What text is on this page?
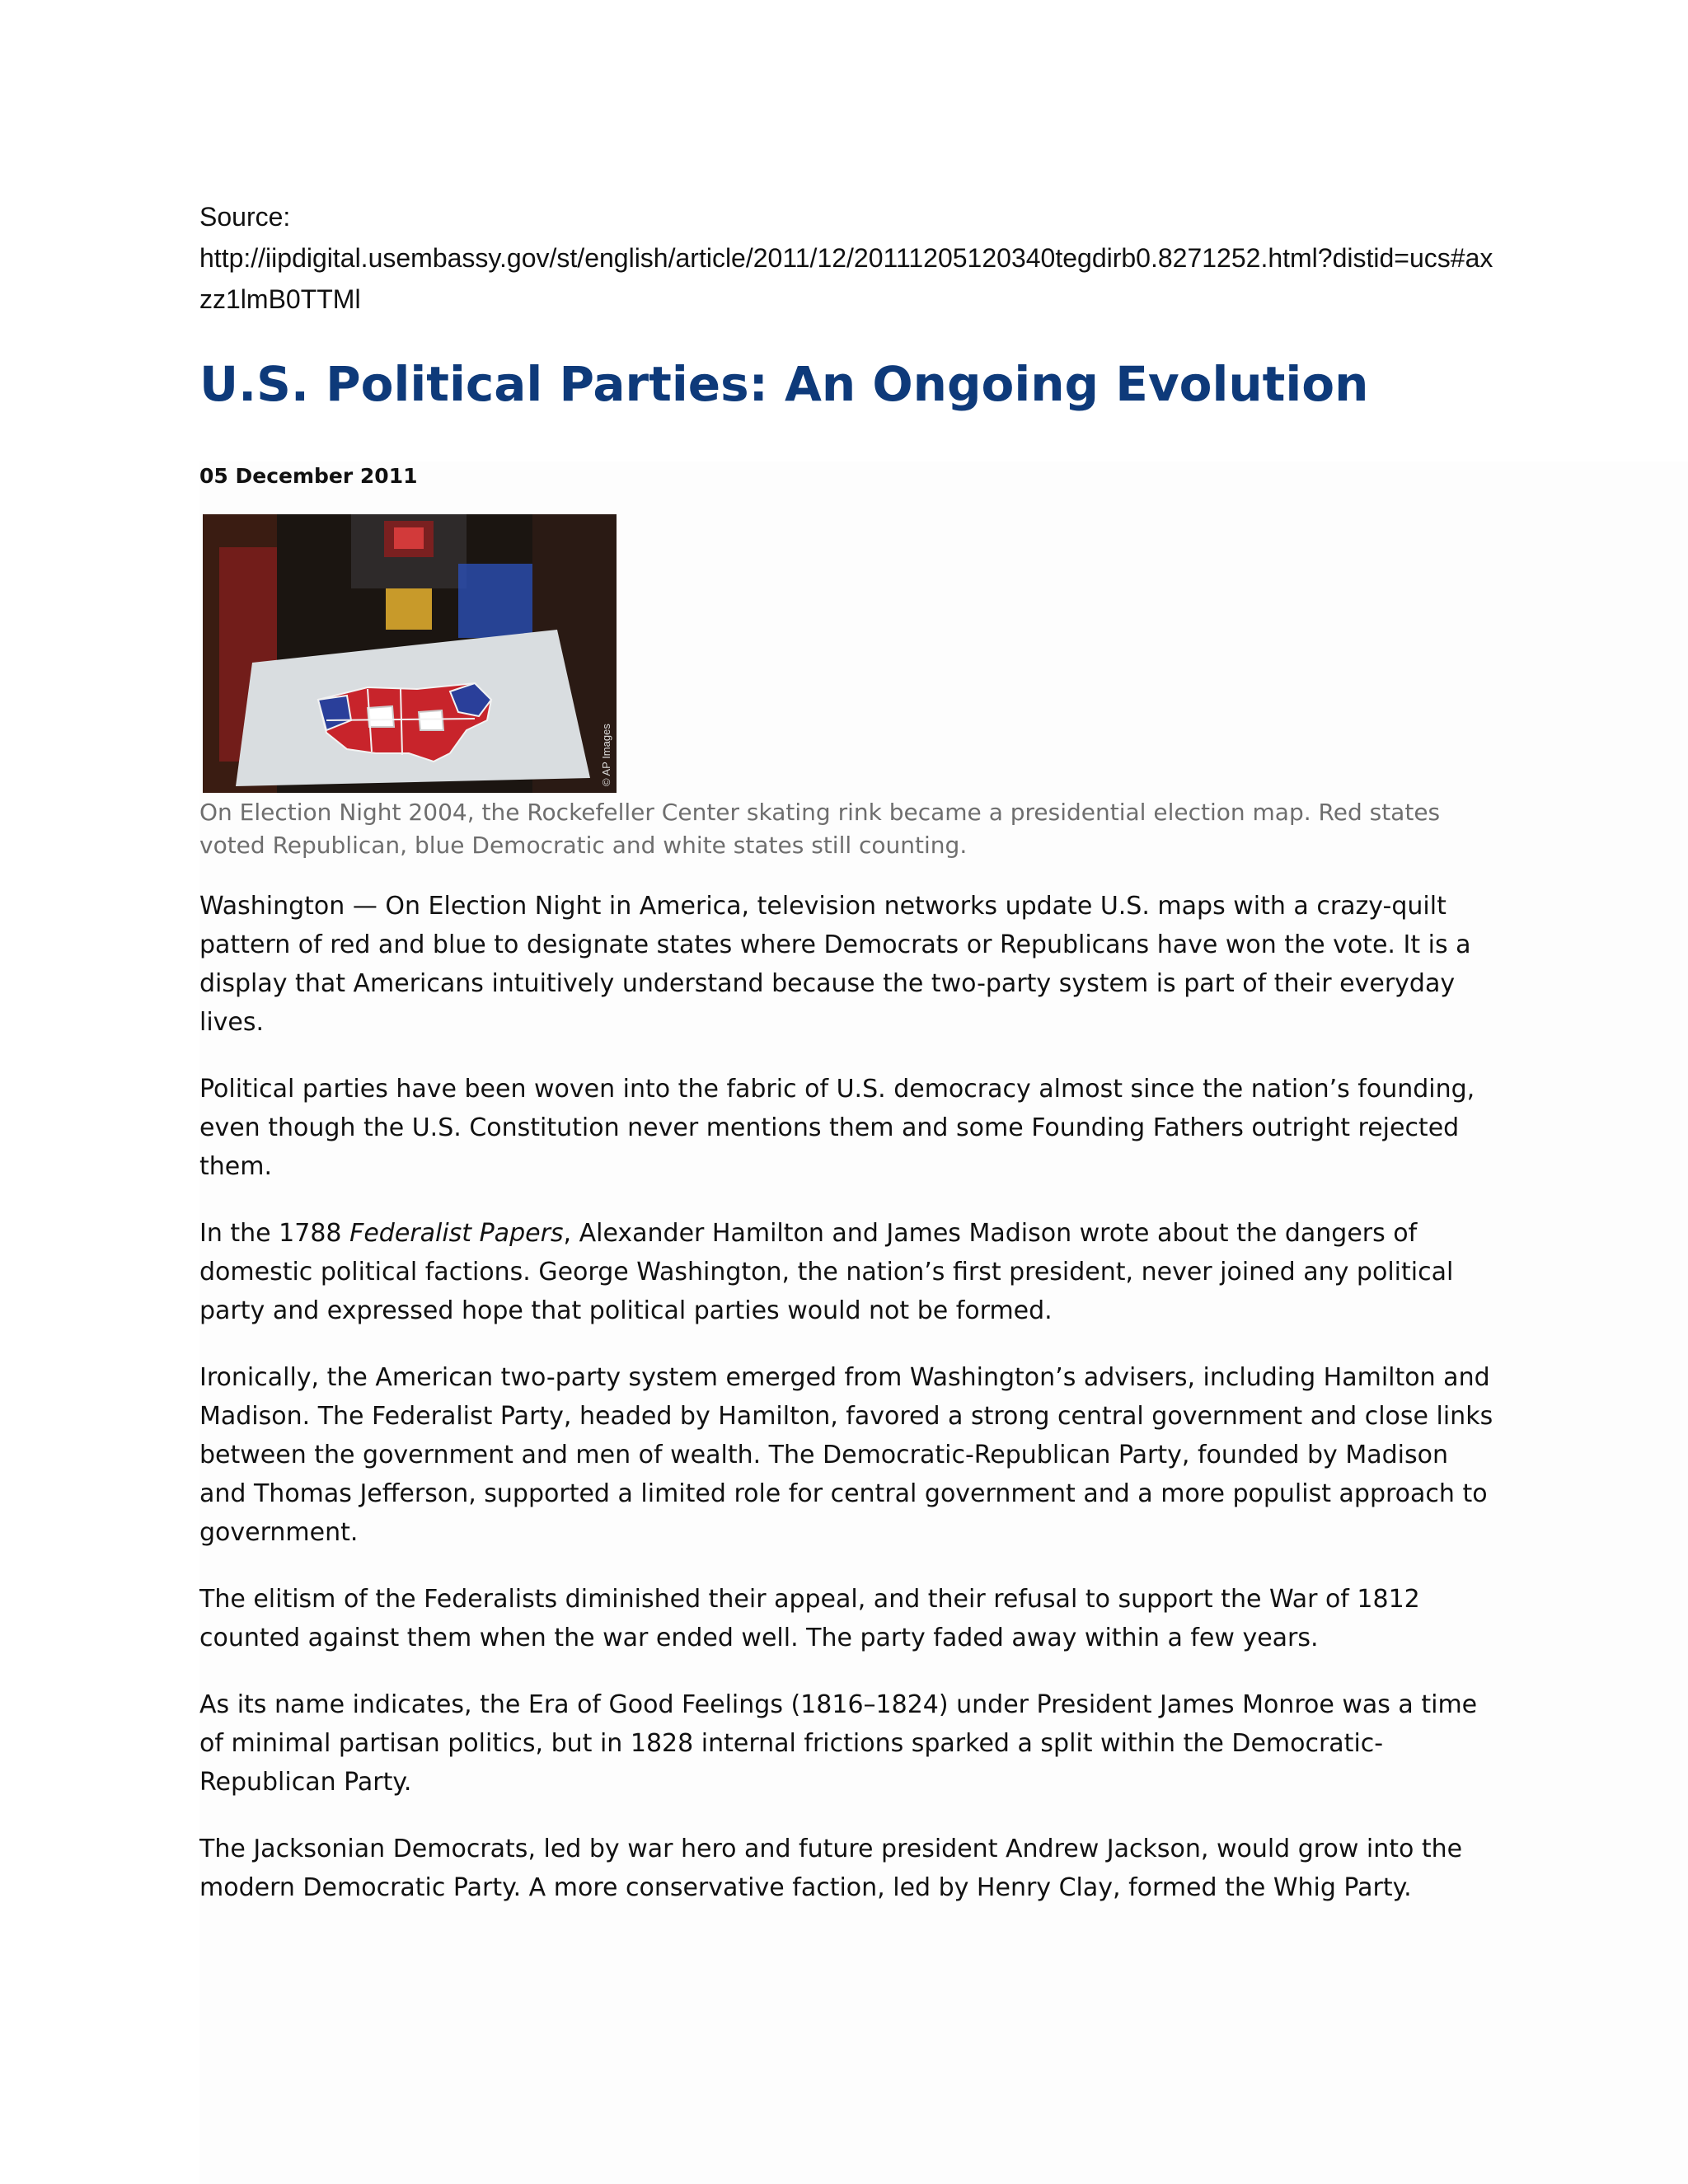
Source:
http://iipdigital.usembassy.gov/st/english/article/2011/12/20111205120340tegdirb0.8271252.html?distid=ucs#axzz1lmB0TTMl
U.S. Political Parties: An Ongoing Evolution
05 December 2011
© AP Images
On Election Night 2004, the Rockefeller Center skating rink became a presidential election map. Red states voted Republican, blue Democratic and white states still counting.

Washington — On Election Night in America, television networks update U.S. maps with a crazy-quilt pattern of red and blue to designate states where Democrats or Republicans have won the vote. It is a display that Americans intuitively understand because the two-party system is part of their everyday lives.

Political parties have been woven into the fabric of U.S. democracy almost since the nation’s founding, even though the U.S. Constitution never mentions them and some Founding Fathers outright rejected them.

In the 1788 Federalist Papers, Alexander Hamilton and James Madison wrote about the dangers of domestic political factions. George Washington, the nation’s first president, never joined any political party and expressed hope that political parties would not be formed.

Ironically, the American two-party system emerged from Washington’s advisers, including Hamilton and Madison. The Federalist Party, headed by Hamilton, favored a strong central government and close links between the government and men of wealth. The Democratic-Republican Party, founded by Madison and Thomas Jefferson, supported a limited role for central government and a more populist approach to government.

The elitism of the Federalists diminished their appeal, and their refusal to support the War of 1812 counted against them when the war ended well. The party faded away within a few years.

As its name indicates, the Era of Good Feelings (1816–1824) under President James Monroe was a time of minimal partisan politics, but in 1828 internal frictions sparked a split within the Democratic-Republican Party.

The Jacksonian Democrats, led by war hero and future president Andrew Jackson, would grow into the modern Democratic Party. A more conservative faction, led by Henry Clay, formed the Whig Party.
